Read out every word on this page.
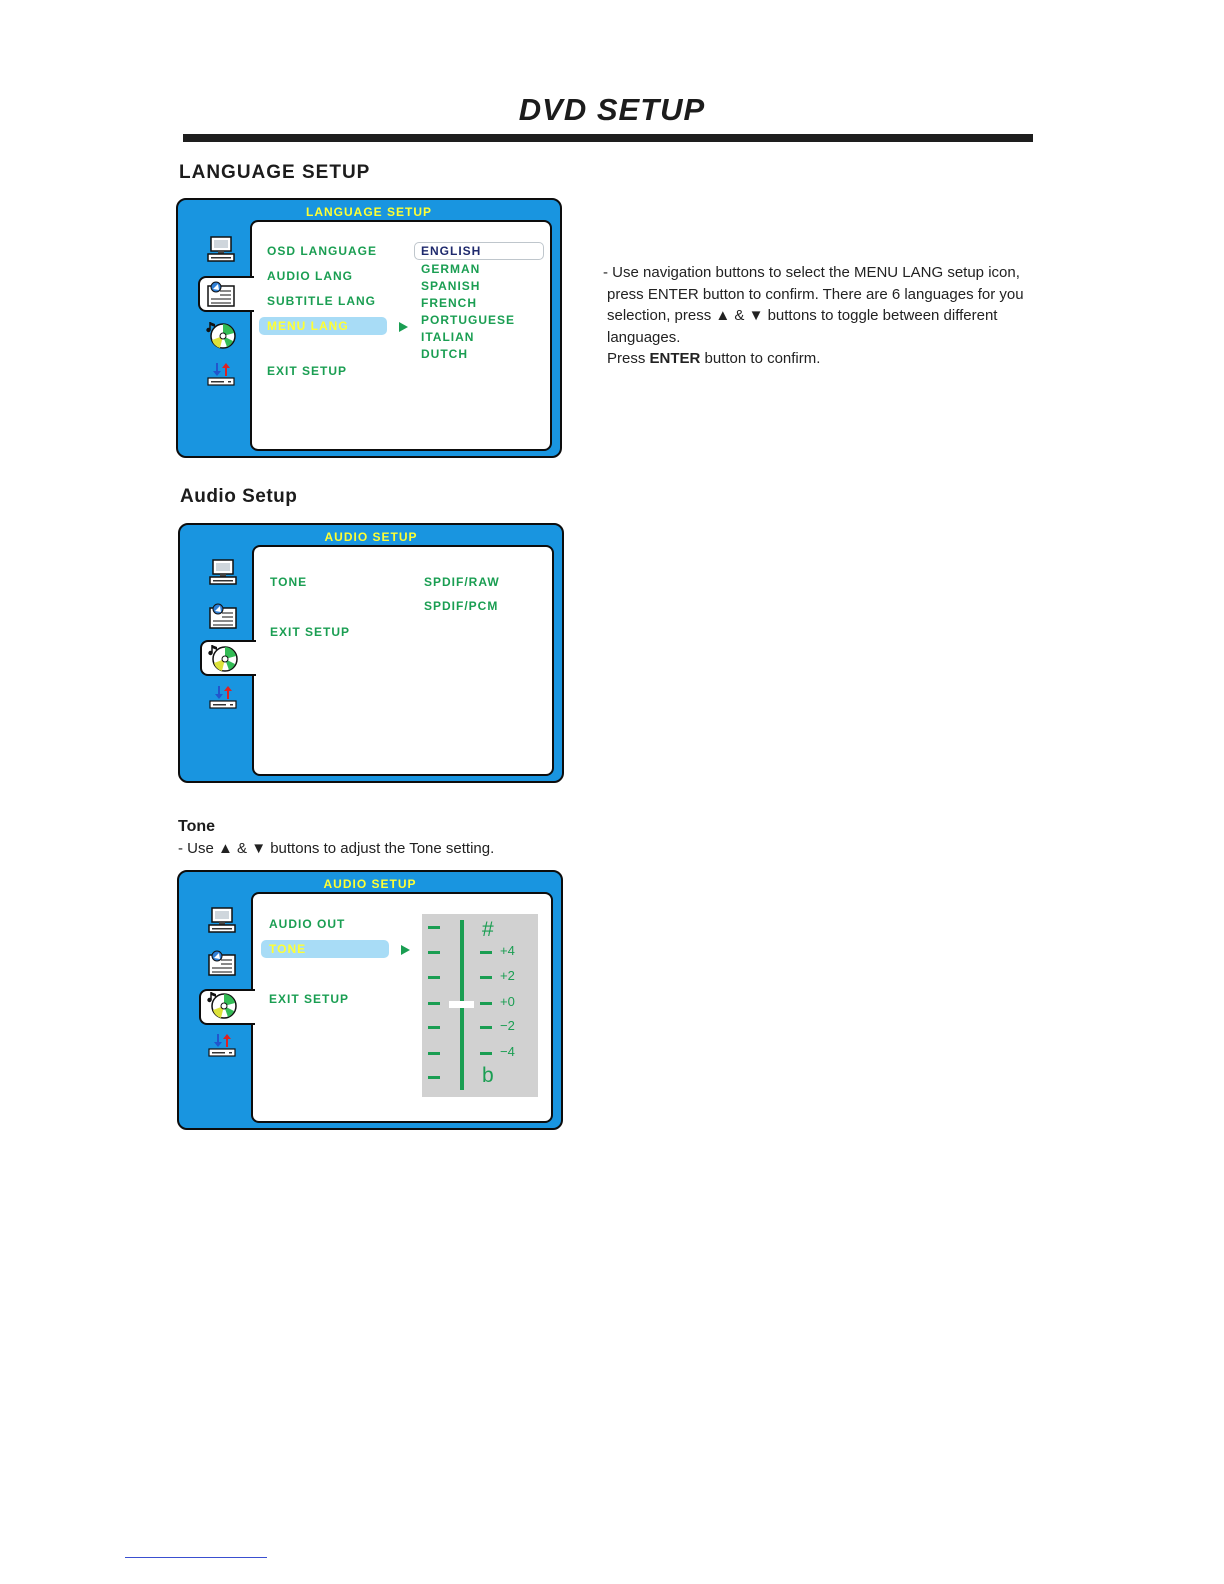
DVD SETUP
LANGUAGE SETUP
LANGUAGE SETUP
OSD LANGUAGE
AUDIO LANG
SUBTITLE LANG
MENU LANG
EXIT SETUP
ENGLISH
GERMAN
SPANISH
FRENCH
PORTUGUESE
ITALIAN
DUTCH
- Use navigation buttons to select the MENU LANG setup icon,
press ENTER button to confirm. There are 6 languages for you
selection, press ▲ & ▼ buttons to toggle between different
languages.
Press ENTER button to confirm.
Audio Setup
AUDIO SETUP
TONE
EXIT SETUP
SPDIF/RAW
SPDIF/PCM
Tone
- Use ▲ & ▼ buttons to adjust the Tone setting.
AUDIO SETUP
AUDIO OUT
TONE
EXIT SETUP
#
+4
+2
+0
−2
−4
b
